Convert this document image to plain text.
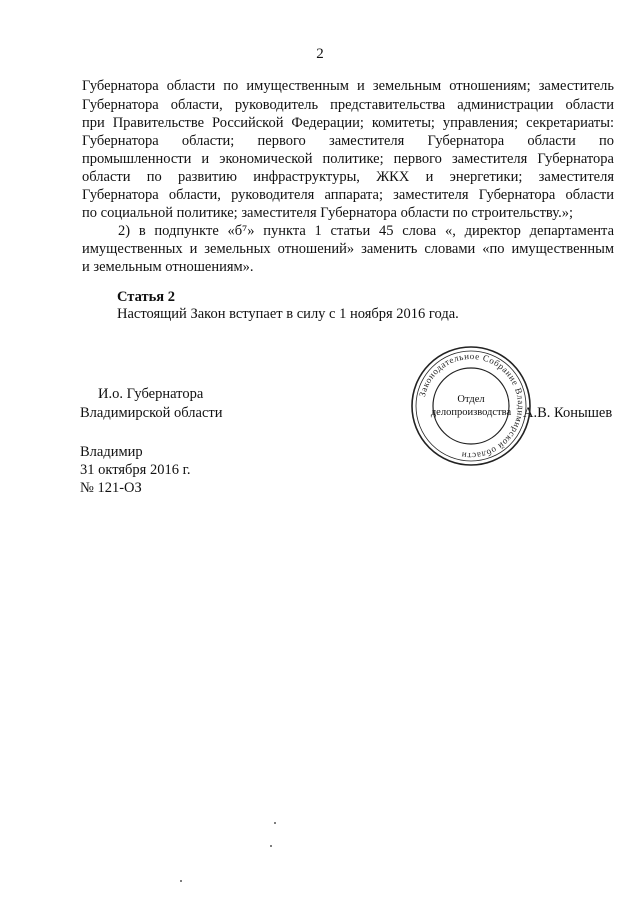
2
Губернатора области по имущественным и земельным отношениям; заместитель
Губернатора области, руководитель представительства администрации области
при Правительстве Российской Федерации; комитеты; управления; секретариаты:
Губернатора области; первого заместителя Губернатора области по
промышленности и экономической политике; первого заместителя Губернатора
области по развитию инфраструктуры, ЖКХ и энергетики; заместителя
Губернатора области, руководителя аппарата; заместителя Губернатора области
по социальной политике; заместителя Губернатора области по строительству.»;
2) в подпункте «б⁷» пункта 1 статьи 45 слова «, директор департамента
имущественных и земельных отношений» заменить словами «по имущественным
и земельным отношениям».
Статья 2
Настоящий Закон вступает в силу с 1 ноября 2016 года.
И.о. Губернатора
Владимирской области	А.В. Конышев
Законодательное Собрание Владимирской области
Отдел
делопроизводства
Владимир
31 октября 2016 г.
№ 121-ОЗ
